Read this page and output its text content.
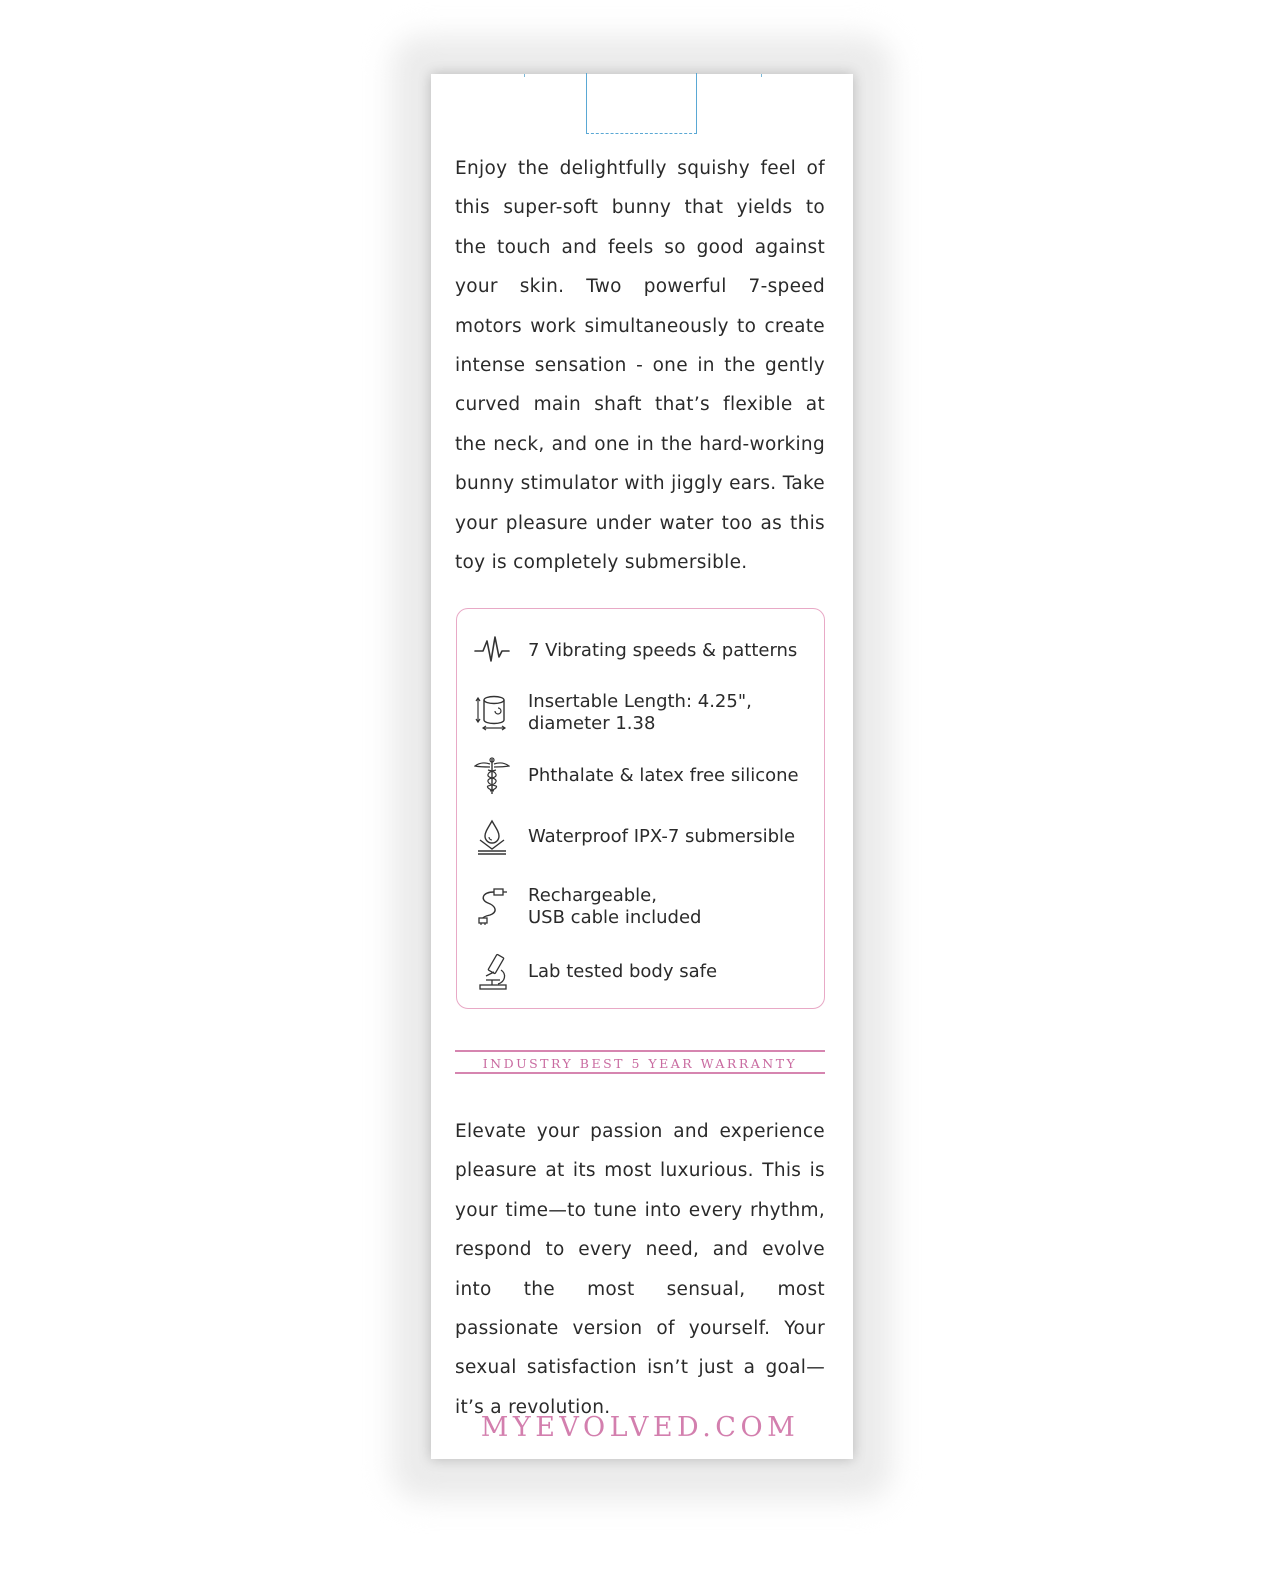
Enjoy the delightfully squishy feel of this super-soft bunny that yields to the touch and feels so good against your skin. Two powerful 7-speed motors work simultaneously to create intense sensation - one in the gently curved main shaft that’s flexible at the neck, and one in the hard-working bunny stimulator with jiggly ears. Take your pleasure under water too as this toy is completely submersible.

7 Vibrating speeds & patterns
Insertable Length: 4.25",
diameter 1.38
Phthalate & latex free silicone
Waterproof IPX-7 submersible
Rechargeable,
USB cable included
Lab tested body safe
INDUSTRY BEST 5 YEAR WARRANTY

Elevate your passion and experience pleasure at its most luxurious. This is your time—to tune into every rhythm, respond to every need, and evolve into the most sensual, most passionate version of yourself. Your sexual satisfaction isn’t just a goal—it’s a revolution.

MYEVOLVED.COM
